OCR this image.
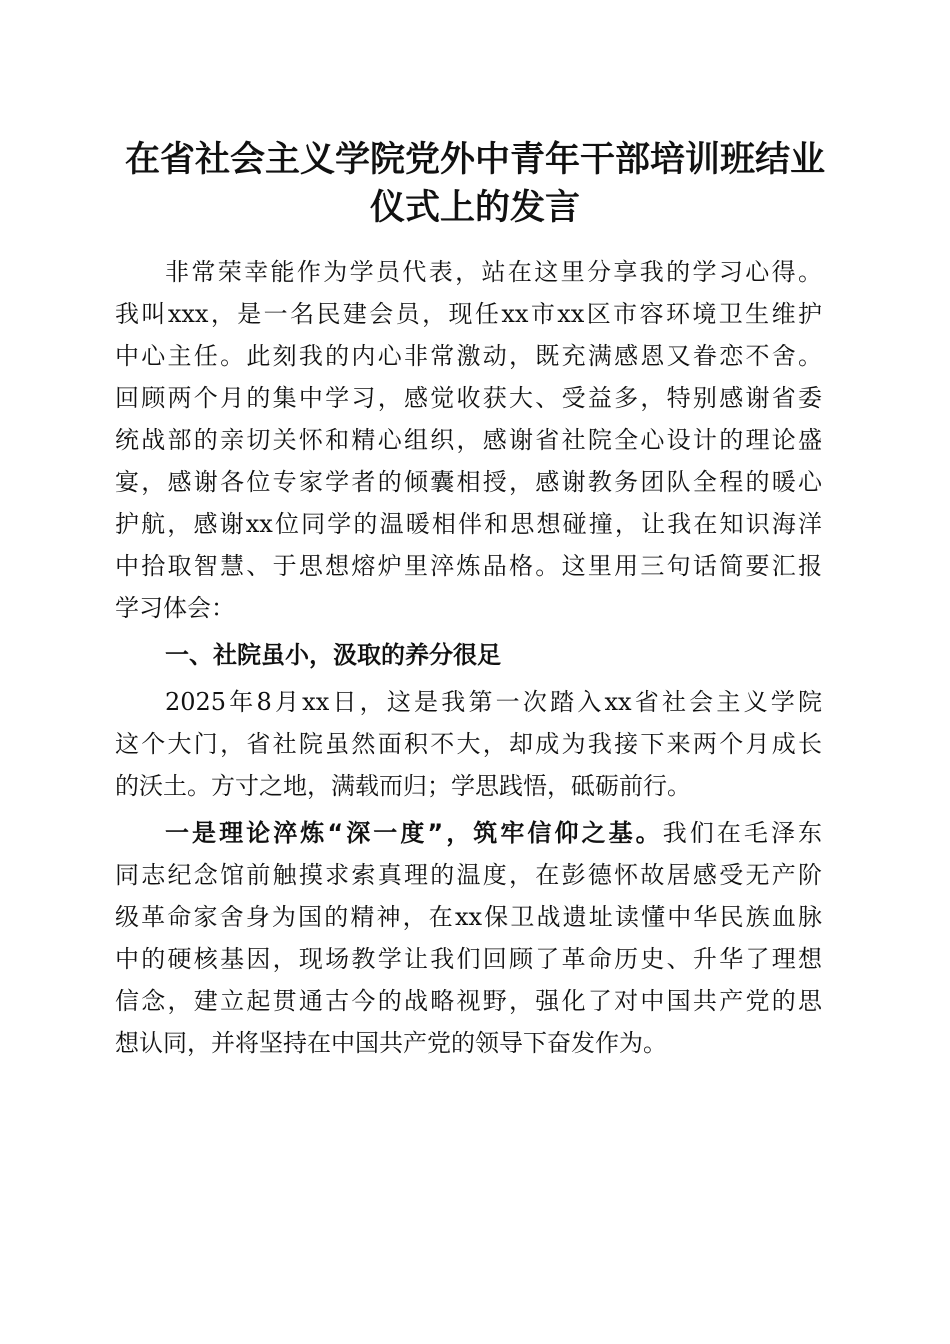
在省社会主义学院党外中青年干部培训班结业
仪式上的发言
非常荣幸能作为学员代表，站在这里分享我的学习心得。
我叫xxx，是一名民建会员，现任xx市xx区市容环境卫生维护
中心主任。此刻我的内心非常激动，既充满感恩又眷恋不舍。
回顾两个月的集中学习，感觉收获大、受益多，特别感谢省委
统战部的亲切关怀和精心组织，感谢省社院全心设计的理论盛
宴，感谢各位专家学者的倾囊相授，感谢教务团队全程的暖心
护航，感谢xx位同学的温暖相伴和思想碰撞，让我在知识海洋
中拾取智慧、于思想熔炉里淬炼品格。这里用三句话简要汇报
学习体会：
一、社院虽小，汲取的养分很足
2025年8月xx日，这是我第一次踏入xx省社会主义学院
这个大门，省社院虽然面积不大，却成为我接下来两个月成长
的沃土。方寸之地，满载而归；学思践悟，砥砺前行。
一是理论淬炼“深一度”，筑牢信仰之基。我们在毛泽东
同志纪念馆前触摸求索真理的温度，在彭德怀故居感受无产阶
级革命家舍身为国的精神，在xx保卫战遗址读懂中华民族血脉
中的硬核基因，现场教学让我们回顾了革命历史、升华了理想
信念，建立起贯通古今的战略视野，强化了对中国共产党的思
想认同，并将坚持在中国共产党的领导下奋发作为。
